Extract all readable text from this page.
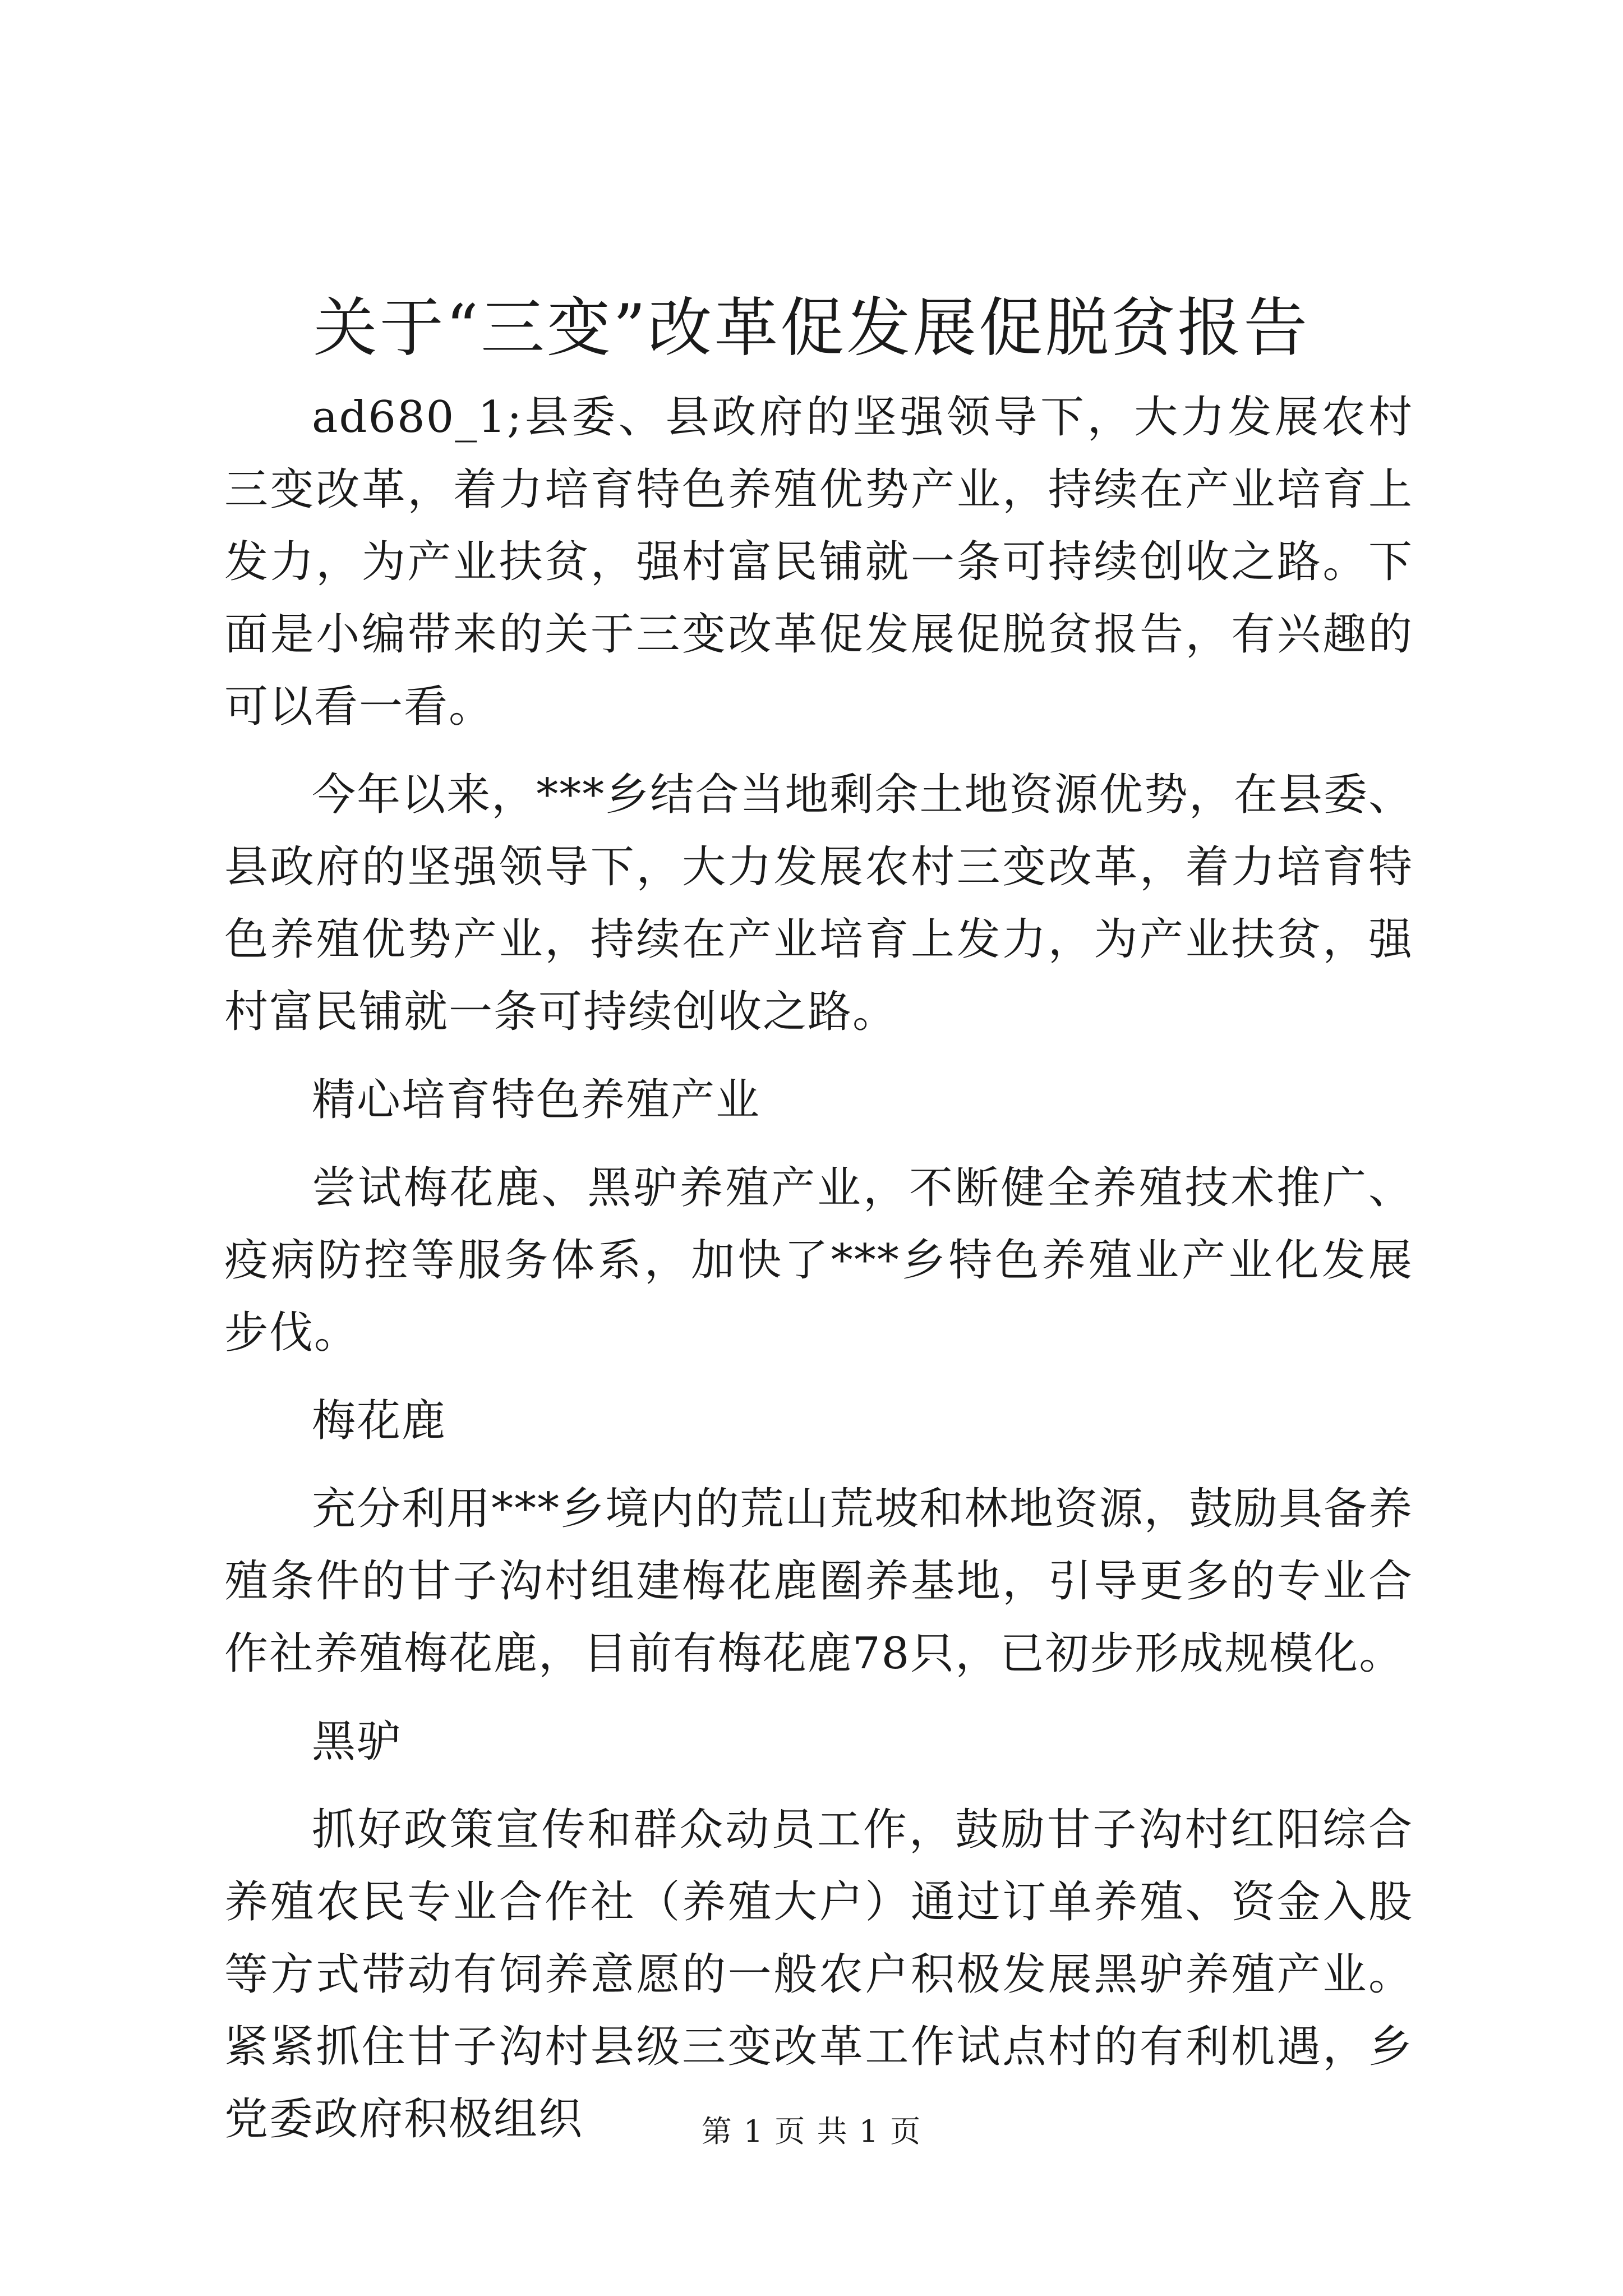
关于“三变”改革促发展促脱贫报告

ad680_1;县委、县政府的坚强领导下，大力发展农村三变改革，着力培育特色养殖优势产业，持续在产业培育上发力，为产业扶贫，强村富民铺就一条可持续创收之路。下面是小编带来的关于三变改革促发展促脱贫报告，有兴趣的可以看一看。

今年以来，***乡结合当地剩余土地资源优势，在县委、县政府的坚强领导下，大力发展农村三变改革，着力培育特色养殖优势产业，持续在产业培育上发力，为产业扶贫，强村富民铺就一条可持续创收之路。

精心培育特色养殖产业

尝试梅花鹿、黑驴养殖产业，不断健全养殖技术推广、疫病防控等服务体系，加快了***乡特色养殖业产业化发展步伐。

梅花鹿

充分利用***乡境内的荒山荒坡和林地资源，鼓励具备养殖条件的甘子沟村组建梅花鹿圈养基地，引导更多的专业合作社养殖梅花鹿，目前有梅花鹿78只，已初步形成规模化。

黑驴

抓好政策宣传和群众动员工作，鼓励甘子沟村红阳综合养殖农民专业合作社（养殖大户）通过订单养殖、资金入股等方式带动有饲养意愿的一般农户积极发展黑驴养殖产业。紧紧抓住甘子沟村县级三变改革工作试点村的有利机遇，乡党委政府积极组织	第 1 页 共 1 页
